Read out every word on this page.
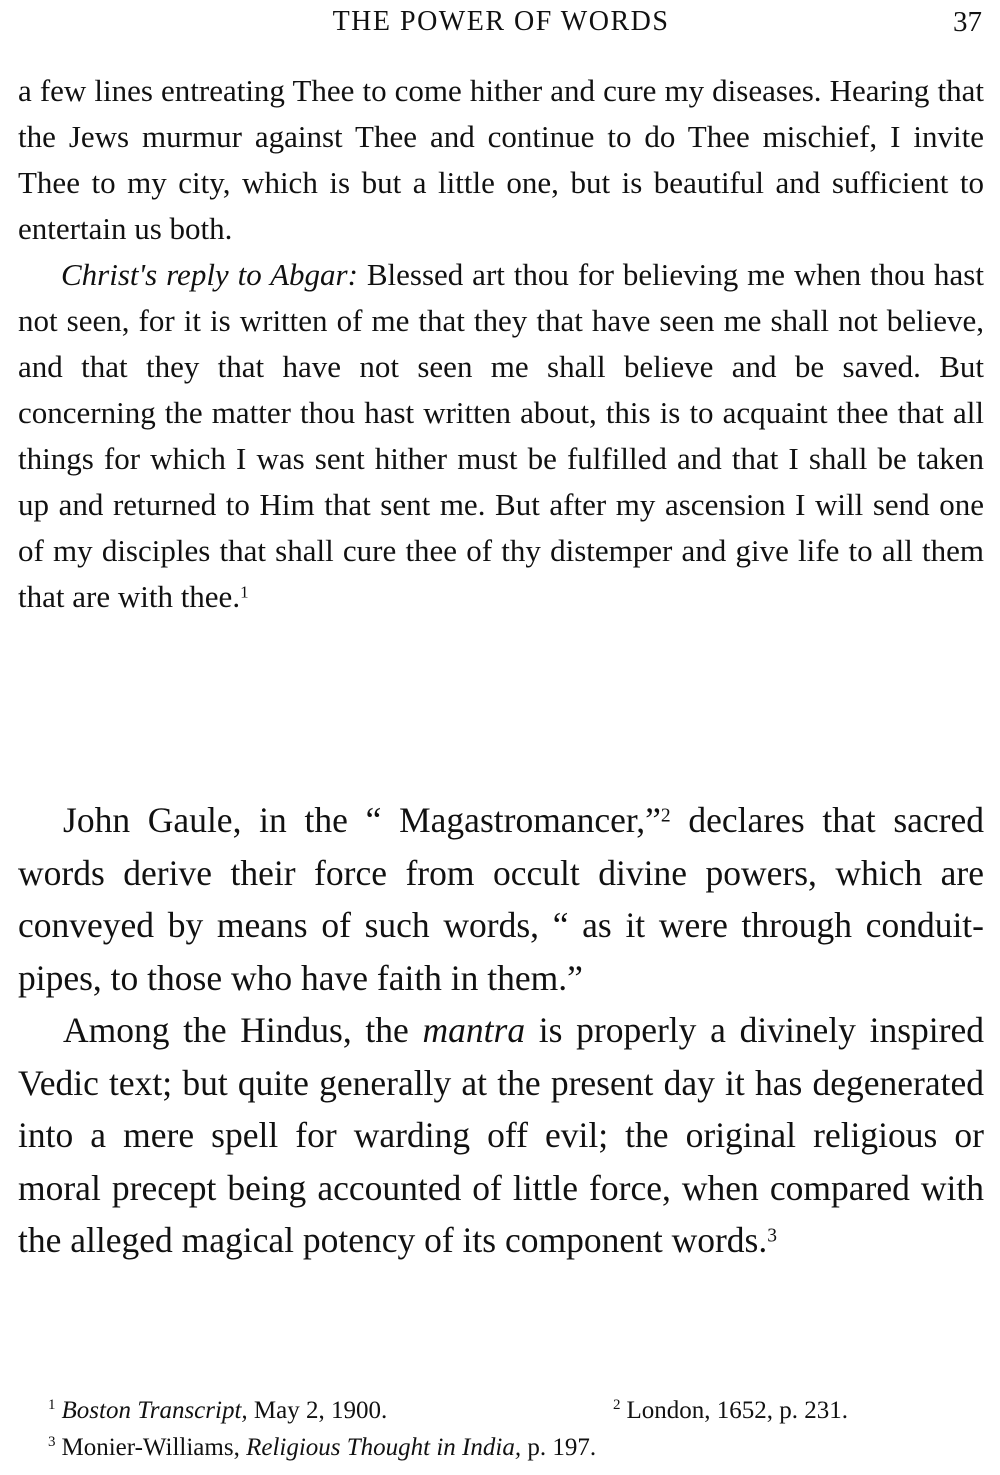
THE POWER OF WORDS	37

a few lines entreating Thee to come hither and cure my diseases. Hearing that the Jews murmur against Thee and continue to do Thee mischief, I invite Thee to my city, which is but a little one, but is beautiful and sufficient to entertain us both.

Christ's reply to Abgar: Blessed art thou for believing me when thou hast not seen, for it is written of me that they that have seen me shall not believe, and that they that have not seen me shall believe and be saved. But concerning the matter thou hast written about, this is to acquaint thee that all things for which I was sent hither must be fulfilled and that I shall be taken up and returned to Him that sent me. But after my ascension I will send one of my disciples that shall cure thee of thy distemper and give life to all them that are with thee.$^1$

John Gaule, in the “ Magastromancer,”$^2$ declares that sacred words derive their force from occult divine powers, which are conveyed by means of such words, “ as it were through conduit-pipes, to those who have faith in them.”

Among the Hindus, the mantra is properly a divinely inspired Vedic text; but quite generally at the present day it has degenerated into a mere spell for warding off evil; the original religious or moral precept being accounted of little force, when compared with the alleged magical potency of its component words.$^3$

$^1$ Boston Transcript, May 2, 1900.	$^2$ London, 1652, p. 231.
$^3$ Monier-Williams, Religious Thought in India, p. 197.
